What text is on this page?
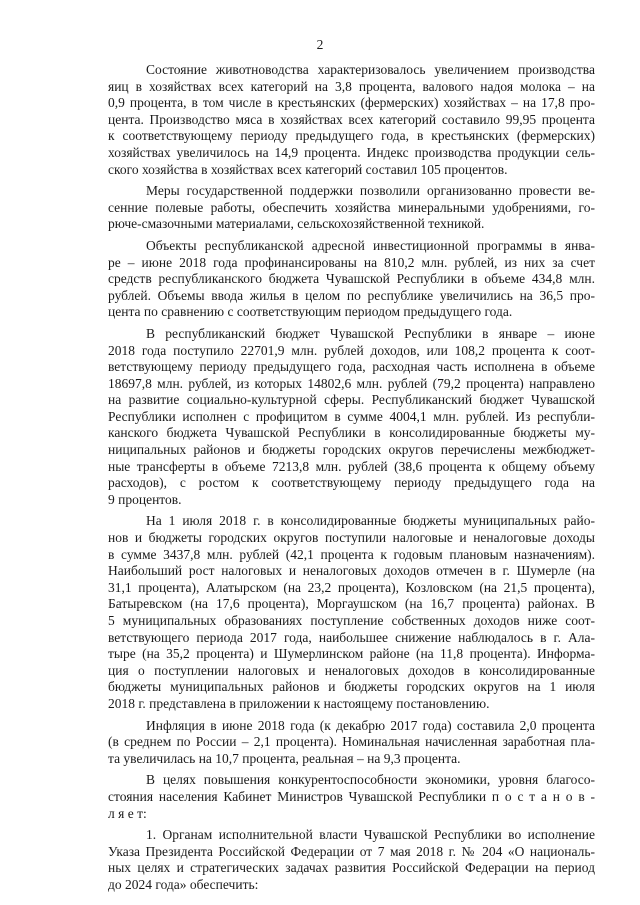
2
Состояние животноводства характеризовалось увеличением производства
яиц в хозяйствах всех категорий на 3,8 процента, валового надоя молока – на
0,9 процента, в том числе в крестьянских (фермерских) хозяйствах – на 17,8 про-
цента. Производство мяса в хозяйствах всех категорий составило 99,95 процента
к соответствующему периоду предыдущего года, в крестьянских (фермерских)
хозяйствах увеличилось на 14,9 процента. Индекс производства продукции сель-
ского хозяйства в хозяйствах всех категорий составил 105 процентов.
Меры государственной поддержки позволили организованно провести ве-
сенние полевые работы, обеспечить хозяйства минеральными удобрениями, го-
рюче-смазочными материалами, сельскохозяйственной техникой.
Объекты республиканской адресной инвестиционной программы в янва-
ре – июне 2018 года профинансированы на 810,2 млн. рублей, из них за счет
средств республиканского бюджета Чувашской Республики в объеме 434,8 млн.
рублей. Объемы ввода жилья в целом по республике увеличились на 36,5 про-
цента по сравнению с соответствующим периодом предыдущего года.
В республиканский бюджет Чувашской Республики в январе – июне
2018 года поступило 22701,9 млн. рублей доходов, или 108,2 процента к соот-
ветствующему периоду предыдущего года, расходная часть исполнена в объеме
18697,8 млн. рублей, из которых 14802,6 млн. рублей (79,2 процента) направлено
на развитие социально-культурной сферы. Республиканский бюджет Чувашской
Республики исполнен с профицитом в сумме 4004,1 млн. рублей. Из республи-
канского бюджета Чувашской Республики в консолидированные бюджеты му-
ниципальных районов и бюджеты городских округов перечислены межбюджет-
ные трансферты в объеме 7213,8 млн. рублей (38,6 процента к общему объему
расходов), с ростом к соответствующему периоду предыдущего года на
9 процентов.
На 1 июля 2018 г. в консолидированные бюджеты муниципальных райо-
нов и бюджеты городских округов поступили налоговые и неналоговые доходы
в сумме 3437,8 млн. рублей (42,1 процента к годовым плановым назначениям).
Наибольший рост налоговых и неналоговых доходов отмечен в г. Шумерле (на
31,1 процента), Алатырском (на 23,2 процента), Козловском (на 21,5 процента),
Батыревском (на 17,6 процента), Моргаушском (на 16,7 процента) районах. В
5 муниципальных образованиях поступление собственных доходов ниже соот-
ветствующего периода 2017 года, наибольшее снижение наблюдалось в г. Ала-
тыре (на 35,2 процента) и Шумерлинском районе (на 11,8 процента). Информа-
ция о поступлении налоговых и неналоговых доходов в консолидированные
бюджеты муниципальных районов и бюджеты городских округов на 1 июля
2018 г. представлена в приложении к настоящему постановлению.
Инфляция в июне 2018 года (к декабрю 2017 года) составила 2,0 процента
(в среднем по России – 2,1 процента). Номинальная начисленная заработная пла-
та увеличилась на 10,7 процента, реальная – на 9,3 процента.
В целях повышения конкурентоспособности экономики, уровня благосо-
стояния населения Кабинет Министров Чувашской Республики п о с т а н о в -
л я е т:
1. Органам исполнительной власти Чувашской Республики во исполнение
Указа Президента Российской Федерации от 7 мая 2018 г. № 204 «О националь-
ных целях и стратегических задачах развития Российской Федерации на период
до 2024 года» обеспечить:
